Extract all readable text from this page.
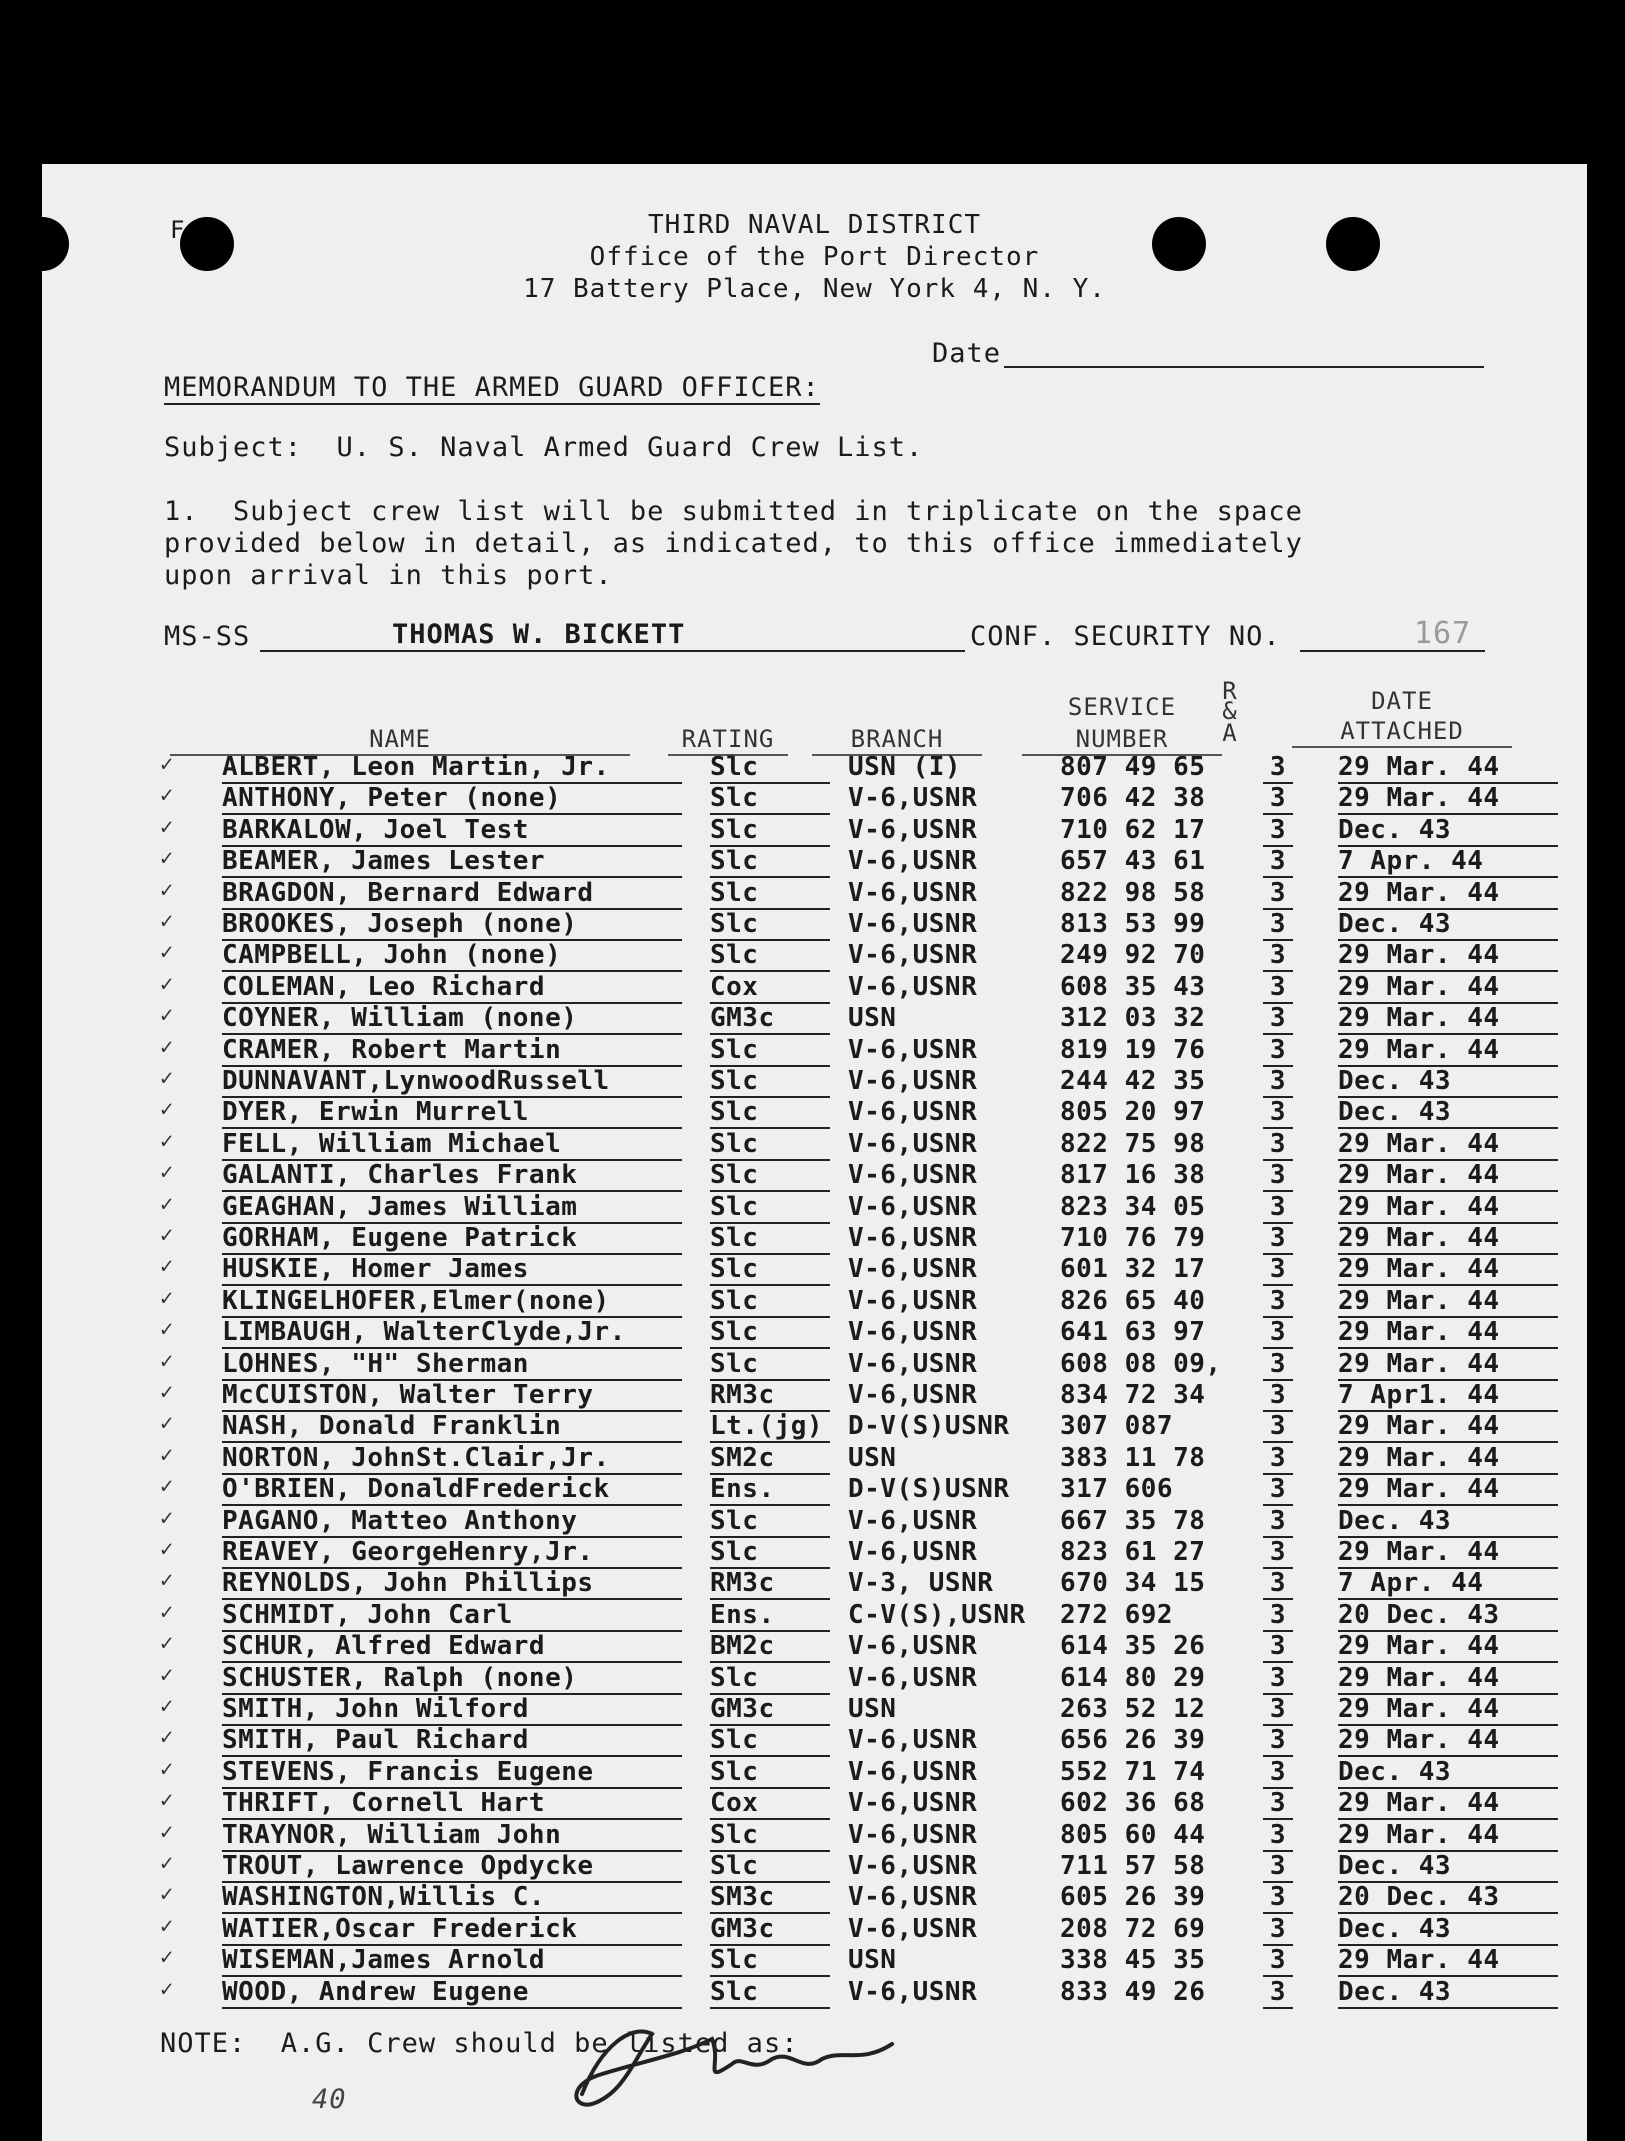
F	THIRD NAVAL DISTRICT
Office of the Port Director
17 Battery Place, New York 4, N. Y.
Date
MEMORANDUM TO THE ARMED GUARD OFFICER:
Subject:  U. S. Naval Armed Guard Crew List.
1.  Subject crew list will be submitted in triplicate on the space
provided below in detail, as indicated, to this office immediately
upon arrival in this port.
MS-SS	THOMAS W. BICKETT	CONF. SECURITY NO.	167
NAME	RATING	BRANCH
SERVICE
NUMBER
R
&
A
DATE
ATTACHED
✓ ALBERT, Leon Martin, Jr.	Slc	USN (I)	807 49 65	3 29 Mar. 44
✓ ANTHONY, Peter (none)	Slc	V-6,USNR	706 42 38	3 29 Mar. 44
✓ BARKALOW, Joel Test	Slc	V-6,USNR	710 62 17	3 Dec. 43
✓ BEAMER, James Lester	Slc	V-6,USNR	657 43 61	3 7 Apr. 44
✓ BRAGDON, Bernard Edward	Slc	V-6,USNR	822 98 58	3 29 Mar. 44
✓ BROOKES, Joseph (none)	Slc	V-6,USNR	813 53 99	3 Dec. 43
✓ CAMPBELL, John (none)	Slc	V-6,USNR	249 92 70	3 29 Mar. 44
✓ COLEMAN, Leo Richard	Cox	V-6,USNR	608 35 43	3 29 Mar. 44
✓ COYNER, William (none)	GM3c	USN	312 03 32	3 29 Mar. 44
✓ CRAMER, Robert Martin	Slc	V-6,USNR	819 19 76	3 29 Mar. 44
✓ DUNNAVANT,LynwoodRussell	Slc	V-6,USNR	244 42 35	3 Dec. 43
✓ DYER, Erwin Murrell	Slc	V-6,USNR	805 20 97	3 Dec. 43
✓ FELL, William Michael	Slc	V-6,USNR	822 75 98	3 29 Mar. 44
✓ GALANTI, Charles Frank	Slc	V-6,USNR	817 16 38	3 29 Mar. 44
✓ GEAGHAN, James William	Slc	V-6,USNR	823 34 05	3 29 Mar. 44
✓ GORHAM, Eugene Patrick	Slc	V-6,USNR	710 76 79	3 29 Mar. 44
✓ HUSKIE, Homer James	Slc	V-6,USNR	601 32 17	3 29 Mar. 44
✓ KLINGELHOFER,Elmer(none)	Slc	V-6,USNR	826 65 40	3 29 Mar. 44
✓ LIMBAUGH, WalterClyde,Jr.	Slc	V-6,USNR	641 63 97	3 29 Mar. 44
✓ LOHNES, "H" Sherman	Slc	V-6,USNR	608 08 09,	3 29 Mar. 44
✓ McCUISTON, Walter Terry	RM3c	V-6,USNR	834 72 34	3 7 Apr1. 44
✓ NASH, Donald Franklin	Lt.(jg) D-V(S)USNR	307 087	3 29 Mar. 44
✓ NORTON, JohnSt.Clair,Jr.	SM2c	USN	383 11 78	3 29 Mar. 44
✓ O'BRIEN, DonaldFrederick	Ens.	D-V(S)USNR	317 606	3 29 Mar. 44
✓ PAGANO, Matteo Anthony	Slc	V-6,USNR	667 35 78	3 Dec. 43
✓ REAVEY, GeorgeHenry,Jr.	Slc	V-6,USNR	823 61 27	3 29 Mar. 44
✓ REYNOLDS, John Phillips	RM3c	V-3, USNR	670 34 15	3 7 Apr. 44
✓ SCHMIDT, John Carl	Ens.	C-V(S),USNR 272 692	3 20 Dec. 43
✓ SCHUR, Alfred Edward	BM2c	V-6,USNR	614 35 26	3 29 Mar. 44
✓ SCHUSTER, Ralph (none)	Slc	V-6,USNR	614 80 29	3 29 Mar. 44
✓ SMITH, John Wilford	GM3c	USN	263 52 12	3 29 Mar. 44
✓ SMITH, Paul Richard	Slc	V-6,USNR	656 26 39	3 29 Mar. 44
✓ STEVENS, Francis Eugene	Slc	V-6,USNR	552 71 74	3 Dec. 43
✓ THRIFT, Cornell Hart	Cox	V-6,USNR	602 36 68	3 29 Mar. 44
✓ TRAYNOR, William John	Slc	V-6,USNR	805 60 44	3 29 Mar. 44
✓ TROUT, Lawrence Opdycke	Slc	V-6,USNR	711 57 58	3 Dec. 43
✓ WASHINGTON,Willis C.	SM3c	V-6,USNR	605 26 39	3 20 Dec. 43
✓ WATIER,Oscar Frederick	GM3c	V-6,USNR	208 72 69	3 Dec. 43
✓ WISEMAN,James Arnold	Slc	USN	338 45 35	3 29 Mar. 44
✓ WOOD, Andrew Eugene	Slc	V-6,USNR	833 49 26	3 Dec. 43
NOTE:  A.G. Crew should be listed as:
40
